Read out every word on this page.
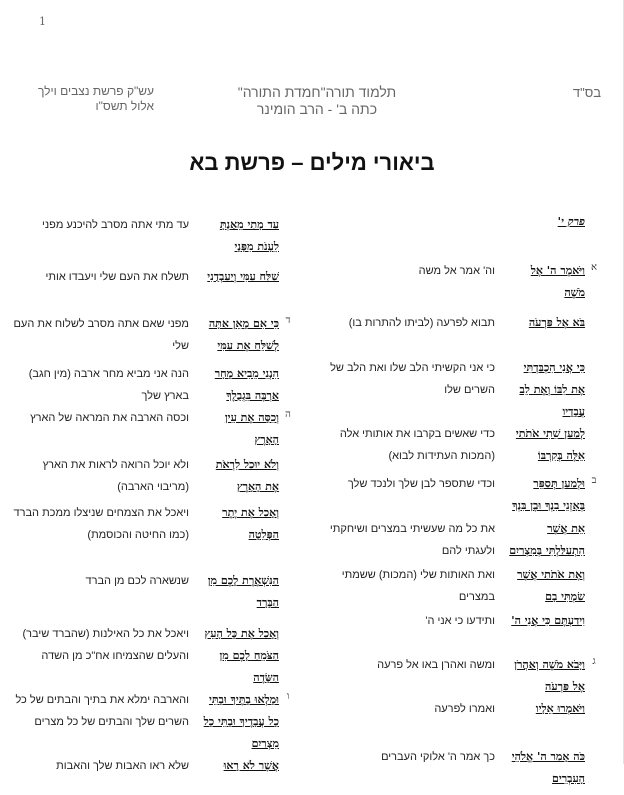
1
בס"ד
תלמוד תורה"חמדת התורה"
כתה ב' - הרב הומינר
עש"ק פרשת נצבים וילך
אלול תשס"ו
ביאורי מילים – פרשת בא
פרק י'
א
וַיֹּאמֶר ה' אֶל מֹשֶׁה
וה' אמר אל משה
בֹּא אֶל פַּרְעֹה
תבוא לפרעה (לביתו להתרות בו)
כִּי אֲנִי הִכְבַּדְתִּי אֶת לִבּוֹ וְאֶת לֵב עֲבָדָיו
כי אני הקשיתי הלב שלו ואת הלב של השרים שלו
לְמַעַן שִׁתִי אֹתֹתַי אֵלֶּה בְּקִרְבּוֹ
כדי שאשים בקרבו את אותותי אלה (המכות העתידות לבוא)
ב
וּלְמַעַן תְּסַפֵּר בְּאָזְנֵי בִנְךָ וּבֶן בִּנְךָ
וכדי שתספר לבן שלך ולנכד שלך
אֵת אֲשֶׁר הִתְעַלַּלְתִּי בְּמִצְרַיִם
את כל מה שעשיתי במצרים ושיחקתי ולעגתי להם
וְאֶת אֹתֹתַי אֲשֶׁר שַׂמְתִּי בָם
ואת האותות שלי (המכות) ששמתי במצרים
וִידַעְתֶּם כִּי אֲנִי ה'
ותידעו כי אני ה'
ג
וַיָּבֹא מֹשֶׁה וְאַהֲרֹן אֶל פַּרְעֹה
ומשה ואהרן באו אל פרעה
וַיֹּאמְרוּ אֵלָיו
ואמרו לפרעה
כֹּה אָמַר ה' אֱלֹהֵי הָעִבְרִים
כך אמר ה' אלוקי העברים
עַד מָתַי מֵאַנְתָּ לֵעָנֹת מִפָּנָי
עד מתי אתה מסרב להיכנע מפני
שַׁלַּח עַמִּי וְיַעַבְדֻנִי
תשלח את העם שלי ויעבדו אותי
ד
כִּי אִם מָאֵן אַתָּה לְשַׁלֵּחַ אֶת עַמִּי
מפני שאם אתה מסרב לשלוח את העם שלי
הִנְנִי מֵבִיא מָחָר אַרְבֶּה בִּגְבֻלֶךָ
הנה אני מביא מחר ארבה (מין חגב) בארץ שלך
ה
וְכִסָּה אֶת עֵין הָאָרֶץ
וכסה הארבה את המראה של הארץ
וְלֹא יוּכַל לִרְאֹת אֶת הָאָרֶץ
ולא יוכל הרואה לראות את הארץ (מריבוי הארבה)
וְאָכַל אֶת יֶתֶר הַפְּלֵטָה
ויאכל את הצמחים שניצלו ממכת הברד (כמו החיטה והכוסמת)
הַנִּשְׁאֶרֶת לָכֶם מִן הַבָּרָד
שנשארה לכם מן הברד
וְאָכַל אֶת כָּל הָעֵץ הַצֹּמֵחַ לָכֶם מִן הַשָּׂדֶה
ויאכל את כל האילנות (שהברד שיבר) והעלים שהצמיחו אח"כ מן השדה
ו
וּמָלְאוּ בָתֶּיךָ וּבָתֵּי כָל עֲבָדֶיךָ וּבָתֵּי כָל מִצְרַיִם
והארבה ימלא את בתיך והבתים של כל השרים שלך והבתים של כל מצרים
אֲשֶׁר לֹא רָאוּ
שלא ראו האבות שלך והאבות
